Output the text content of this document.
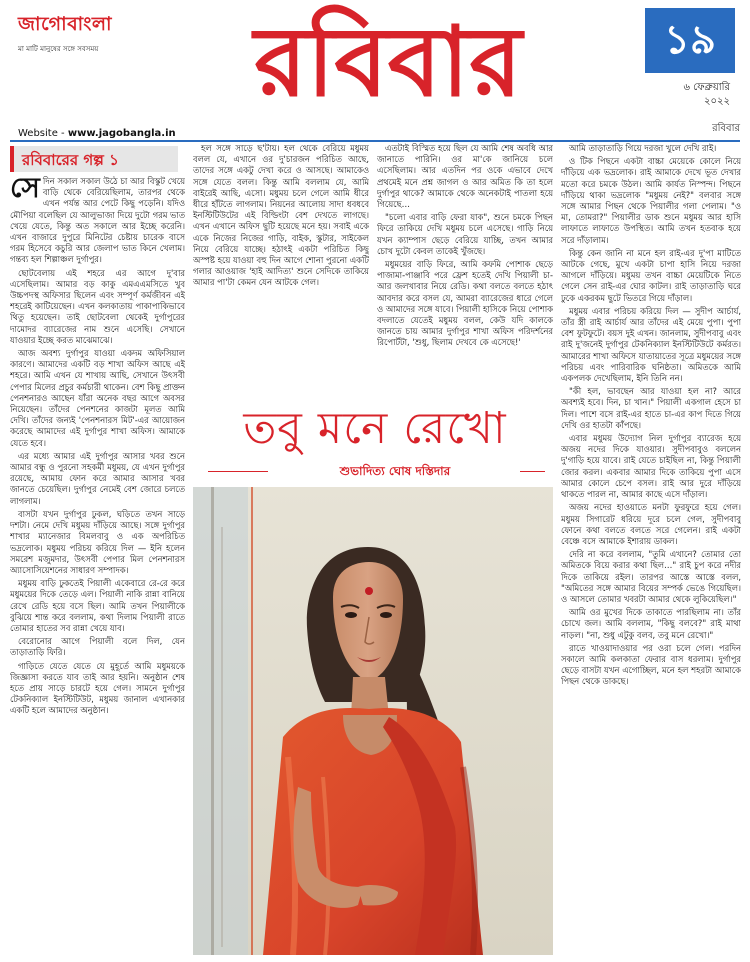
জাগোবাংলা
মা মাটি মানুষের সঙ্গে সবসময়	রবিবার
Website - www.jagobangla.in
১৯
৬ ফেব্রুয়ারি
২০২২
রবিবার
রবিবারের গল্প ১
সে দিন সকাল সকাল উঠে চা আর বিস্কুট খেয়ে বাড়ি থেকে বেরিয়েছিলাম, তারপর থেকে এখন পর্যন্ত আর পেটে কিছু পড়েনি। যদিও মৌপিয়া বলেছিল যে আলুভাজা দিয়ে দুটো গরম ভাত খেয়ে যেতে, কিন্তু অত সকালে আর ইচ্ছে করেনি। এখন বাজারে দুপুরে মিনিটের চেষ্টায় চারেক বাসে গরম হিসেবে কচুরি আর জেলাপ ভাত কিনে খেলাম। গন্তব্য হল শিল্পাঞ্চল দুর্গাপুর।

ছোটবেলায় এই শহরে এর আগে দু'বার এসেছিলাম। আমার বড় কাকু এমএএমসিতে খুব উচ্চপদস্থ অফিসার ছিলেন এবং সম্পূর্ণ কর্মজীবন এই শহরেই কাটিয়েছেন। এখন কলকাতায় পাকাপাকিভাবে থিতু হয়েছেন। তাই ছোটবেলা থেকেই দুর্গাপুরের দামোদর ব্যারেজের নাম শুনে এসেছি। সেখানে যাওয়ার ইচ্ছে করত মাঝেমাঝে।

আজ অবশ্য দুর্গাপুর যাওয়া একদম অফিসিয়াল কারণে। আমাদের একটি বড় শাখা অফিস আছে এই শহরে। আমি এখন যে শাখায় আছি, সেখানে উৎসবী পেপার মিলের প্রচুর কর্মচারী থাকেন। বেশ কিছু প্রাক্তন পেনশনারও আছেন যাঁরা অনেক বছর আগে অবসর নিয়েছেন। তাঁদের পেনশনের কাজটা মূলত আমি দেখি। তাঁদের জন্যই 'পেনশনারস মিট'-এর আয়োজন করেছে আমাদের এই দুর্গাপুর শাখা অফিস। আমাকে যেতে হবে।

এর মধ্যে আমার এই দুর্গাপুর আসার খবর শুনে আমার বন্ধু ও পুরনো সহকর্মী মধুময়, যে এখন দুর্গাপুর রয়েছে, আমায় ফোন করে আমার আসার খবর জানতে চেয়েছিল। দুর্গাপুর নেমেই বেশ জোরে চলতে লাগলাম।

বাসটা যখন দুর্গাপুর ঢুকল, ঘড়িতে তখন সাড়ে দশটা। নেমে দেখি মধুময় দাঁড়িয়ে আছে। সঙ্গে দুর্গাপুর শাখার ম্যানেজার বিমলবাবু ও এক অপরিচিত ভদ্রলোক। মধুময় পরিচয় করিয়ে দিল — ইনি হলেন সমরেশ মজুমদার, উৎসবী পেপার মিল পেনশনারস অ্যাসোসিয়েশনের সাধারণ সম্পাদক।

মধুময় বাড়ি ঢুকতেই পিয়ালী একেবারে রে-রে করে মধুময়ের দিকে তেড়ে এল। পিয়ালী নাকি রান্না বানিয়ে রেখে রেডি হয়ে বসে ছিল। আমি তখন পিয়ালীকে বুঝিয়ে শান্ত করে বললাম, কথা দিলাম পিয়ালী রাতে তোমার হাতের সব রান্না খেয়ে যাব।

বেরোনোর আগে পিয়ালী বলে দিল, যেন তাড়াতাড়ি ফিরি।

গাড়িতে যেতে যেতে যে মুহূর্তে আমি মধুময়কে জিজ্ঞাসা করতে যাব তাই আর হয়নি। অনুষ্ঠান শেষ হতে প্রায় সাড়ে চারটে হয়ে গেল। সামনে দুর্গাপুর টেকনিক্যাল ইনস্টিটিউট, মধুময় জানাল এখানকার একটি হলে আমাদের অনুষ্ঠান।

হল সঙ্গে সাড়ে ছ'টায়। হল থেকে বেরিয়ে মধুময় বলল যে, এখানে ওর দু'চারজন পরিচিত আছে, তাদের সঙ্গে একটু দেখা করে ও আসছে। আমাকেও সঙ্গে যেতে বলল। কিন্তু আমি বললাম যে, আমি বাইরেই আছি, এসো। মধুময় চলে গেলে আমি ধীরে ধীরে হাঁটতে লাগলাম। নিয়নের আলোয় সাদা ধবধবে ইনস্টিটিউটের এই বিল্ডিংটা বেশ দেখতে লাগছে। এখন এখানে অফিস ছুটি হয়েছে মনে হয়। সবাই একে একে নিজের নিজের গাড়ি, বাইক, স্কুটার, সাইকেল নিয়ে বেরিয়ে যাচ্ছে। হঠাৎই একটা পরিচিত কিছু অস্পষ্ট হয়ে যাওয়া বহু দিন আগে শোনা পুরনো একটি গলার আওয়াজ 'হাই আদিত্য' শুনে সেদিকে তাকিয়ে আমার পা'টা কেমন যেন আটকে গেল।

এতটাই বিস্মিত হয়ে ছিল যে আমি শেষ অবধি আর জানাতে পারিনি। ওর মা'কে জানিয়ে চলে এসেছিলাম। আর এতদিন পর ওকে এভাবে দেখে প্রথমেই মনে প্রশ্ন জাগল ও আর অমিত কি তা হলে দুর্গাপুর থাকে? আমাকে থেকে অনেকটাই পাতলা হয়ে গিয়েছে…

"চলো এবার বাড়ি ফেরা যাক", শুনে চমকে পিছন ফিরে তাকিয়ে দেখি মধুময় চলে এসেছে। গাড়ি নিয়ে যখন ক্যাম্পাস ছেড়ে বেরিয়ে যাচ্ছি, তখন আমার চোখ দুটো কেবল তাকেই খুঁজছে।

মধুময়ের বাড়ি ফিরে, আমি কফমি পোশাক ছেড়ে পাজামা-পাঞ্জাবি পরে ফ্রেশ হতেই দেখি পিয়ালী চা-আর জলখাবার নিয়ে রেডি। কথা বলতে বলতে হঠাৎ আবদার করে বসল যে, আমরা ব্যারেজের ধারে গেলে ও আমাদের সঙ্গে যাবে। পিয়ালী হাসিকে নিয়ে পোশাক বদলাতে যেতেই মধুময় বলল, কেউ যদি কালকে জানতে চায় আমার দুর্গাপুর শাখা অফিস পরিদর্শনের রিপোর্টটা, 'শুধু, ছিলাম দেখবে কে এসেছে!'

আমি তাড়াতাড়ি গিয়ে দরজা খুলে দেখি রাই।

ও টিক পিছনে একটা বাচ্চা মেয়েকে কোলে নিয়ে দাঁড়িয়ে এক ভদ্রলোক। রাই আমাকে দেখে ভূত দেখার মতো করে চমকে উঠল। আমি কার্যত নিস্পন্দ। পিছনে দাঁড়িয়ে থাকা ভদ্রলোক "মধুময় নেই?" বলবার সঙ্গে সঙ্গে আমার পিছন থেকে পিয়ালীর গলা পেলাম। "ও মা, তোমরা?" পিয়ালীর ডাক শুনে মধুময় আর হাসি লাফাতে লাফাতে উপস্থিত। আমি তখন হতবাক হয়ে সরে দাঁড়ালাম।

কিন্তু কেন জানি না মনে হল রাই-এর দু'পা মাটিতে আটকে গেছে, মুখে একটা চাপা হাসি নিয়ে দরজা আগলে দাঁড়িয়ে। মধুময় তখন বাচ্চা মেয়েটিকে নিতে গেলে সেন রাই-এর ঘোর কাটল। রাই তাড়াতাড়ি ঘরে ঢুকে একরকম ছুটে ভিতরে গিয়ে দাঁড়াল।

মধুময় এবার পরিচয় করিয়ে দিল — সুদীপ আর্চার্য, তাঁর স্ত্রী রাই আর্চার্য আর তাঁদের এই মেয়ে পুপা। পুপা বেশ ফুটফুটে। বয়স দুই এখন। জানলাম, সুদীপবাবু এবং রাই দু'জনেই দুর্গাপুর টেকনিক্যাল ইনস্টিটিউটে কর্মরত। আমারের শাখা অফিসে যাতায়াতের সূত্রে মধুময়ের সঙ্গে পরিচয় এবং পারিবারিক ঘনিষ্ঠতা। অমিতকে আমি একপলক দেখেছিলাম, ইনি তিনি নন।

"কী হল, ভাবছেন আর যাওয়া হল না? আরে অবশ্যই হবে। দিন, চা খান।" পিয়ালী একগাল হেসে চা দিল। পাশে বসে রাই-এর হাতে চা-এর কাপ দিতে গিয়ে দেখি ওর হাতটা কাঁপছে।

এবার মধুময় উদ্যোগ নিল দুর্গাপুর ব্যারেজ হয়ে অজয় নদের দিকে যাওয়ার। সুদীপবাবুও বললেন দু'গাড়ি হয়ে যাবে। রাই যেতে চাইছিল না, কিন্তু পিয়ালী জোর করল। একবার আমার দিকে তাকিয়ে পুপা এসে আমার কোলে চেপে বসল। রাই আর দুরে দাঁড়িয়ে থাকতে পারল না, আমার কাছে এসে দাঁড়াল।

অজয় নদের হাওয়াতে মনটা ফুরফুরে হয়ে গেল। মধুময় সিগারেট ধরিয়ে দূরে চলে গেল, সুদীপবাবু ফোনে কথা বলতে বলতে সরে গেলেন। রাই একটা বেঞ্চে বসে আমাকে ইশারায় ডাকল।

দেরি না করে বললাম, "তুমি এখানে? তোমার তো অমিতকে বিয়ে করার কথা ছিল…" রাই চুপ করে নদীর দিকে তাকিয়ে রইল। তারপর আস্তে আস্তে বলল, "অমিতের সঙ্গে আমার বিয়ের সম্পর্ক ভেঙে গিয়েছিল। ও আসলে তোমার খবরটা আমার থেকে লুকিয়েছিল।"

আমি ওর মুখের দিকে তাকাতে পারছিলাম না। তাঁর চোখে জল। আমি বললাম, "কিছু বলবে?" রাই মাথা নাড়ল। "না, শুধু এটুকু বলব, তবু মনে রেখো।"

রাতে খাওয়াদাওয়ার পর ওরা চলে গেল। পরদিন সকালে আমি কলকাতা ফেরার বাস ধরলাম। দুর্গাপুর ছেড়ে বাসটা যখন এগোচ্ছিল, মনে হল শহরটা আমাকে পিছন থেকে ডাকছে।

তবু মনে রেখো
শুভাদিত্য ঘোষ দস্তিদার
